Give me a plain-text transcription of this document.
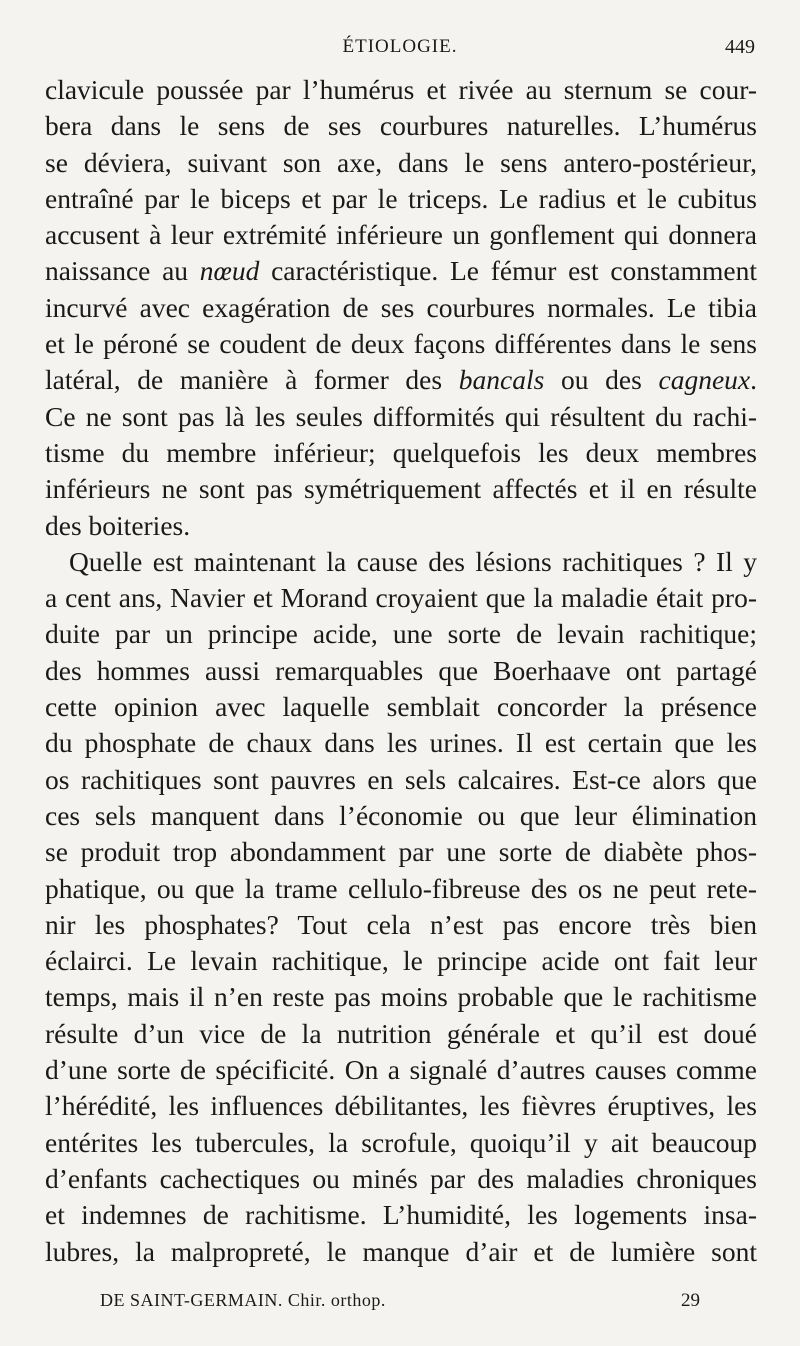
ÉTIOLOGIE.	449
clavicule poussée par l’humérus et rivée au sternum se cour-
bera dans le sens de ses courbures naturelles. L’humérus
se déviera, suivant son axe, dans le sens antero-postérieur,
entraîné par le biceps et par le triceps. Le radius et le cubitus
accusent à leur extrémité inférieure un gonflement qui donnera
naissance au nœud caractéristique. Le fémur est constamment
incurvé avec exagération de ses courbures normales. Le tibia
et le péroné se coudent de deux façons différentes dans le sens
latéral, de manière à former des bancals ou des cagneux.
Ce ne sont pas là les seules difformités qui résultent du rachi-
tisme du membre inférieur; quelquefois les deux membres
inférieurs ne sont pas symétriquement affectés et il en résulte
des boiteries.
Quelle est maintenant la cause des lésions rachitiques ? Il y
a cent ans, Navier et Morand croyaient que la maladie était pro-
duite par un principe acide, une sorte de levain rachitique;
des hommes aussi remarquables que Boerhaave ont partagé
cette opinion avec laquelle semblait concorder la présence
du phosphate de chaux dans les urines. Il est certain que les
os rachitiques sont pauvres en sels calcaires. Est-ce alors que
ces sels manquent dans l’économie ou que leur élimination
se produit trop abondamment par une sorte de diabète phos-
phatique, ou que la trame cellulo-fibreuse des os ne peut rete-
nir les phosphates? Tout cela n’est pas encore très bien
éclairci. Le levain rachitique, le principe acide ont fait leur
temps, mais il n’en reste pas moins probable que le rachitisme
résulte d’un vice de la nutrition générale et qu’il est doué
d’une sorte de spécificité. On a signalé d’autres causes comme
l’hérédité, les influences débilitantes, les fièvres éruptives, les
entérites les tubercules, la scrofule, quoiqu’il y ait beaucoup
d’enfants cachectiques ou minés par des maladies chroniques
et indemnes de rachitisme. L’humidité, les logements insa-
lubres, la malpropreté, le manque d’air et de lumière sont
DE SAINT-GERMAIN. Chir. orthop.	29
